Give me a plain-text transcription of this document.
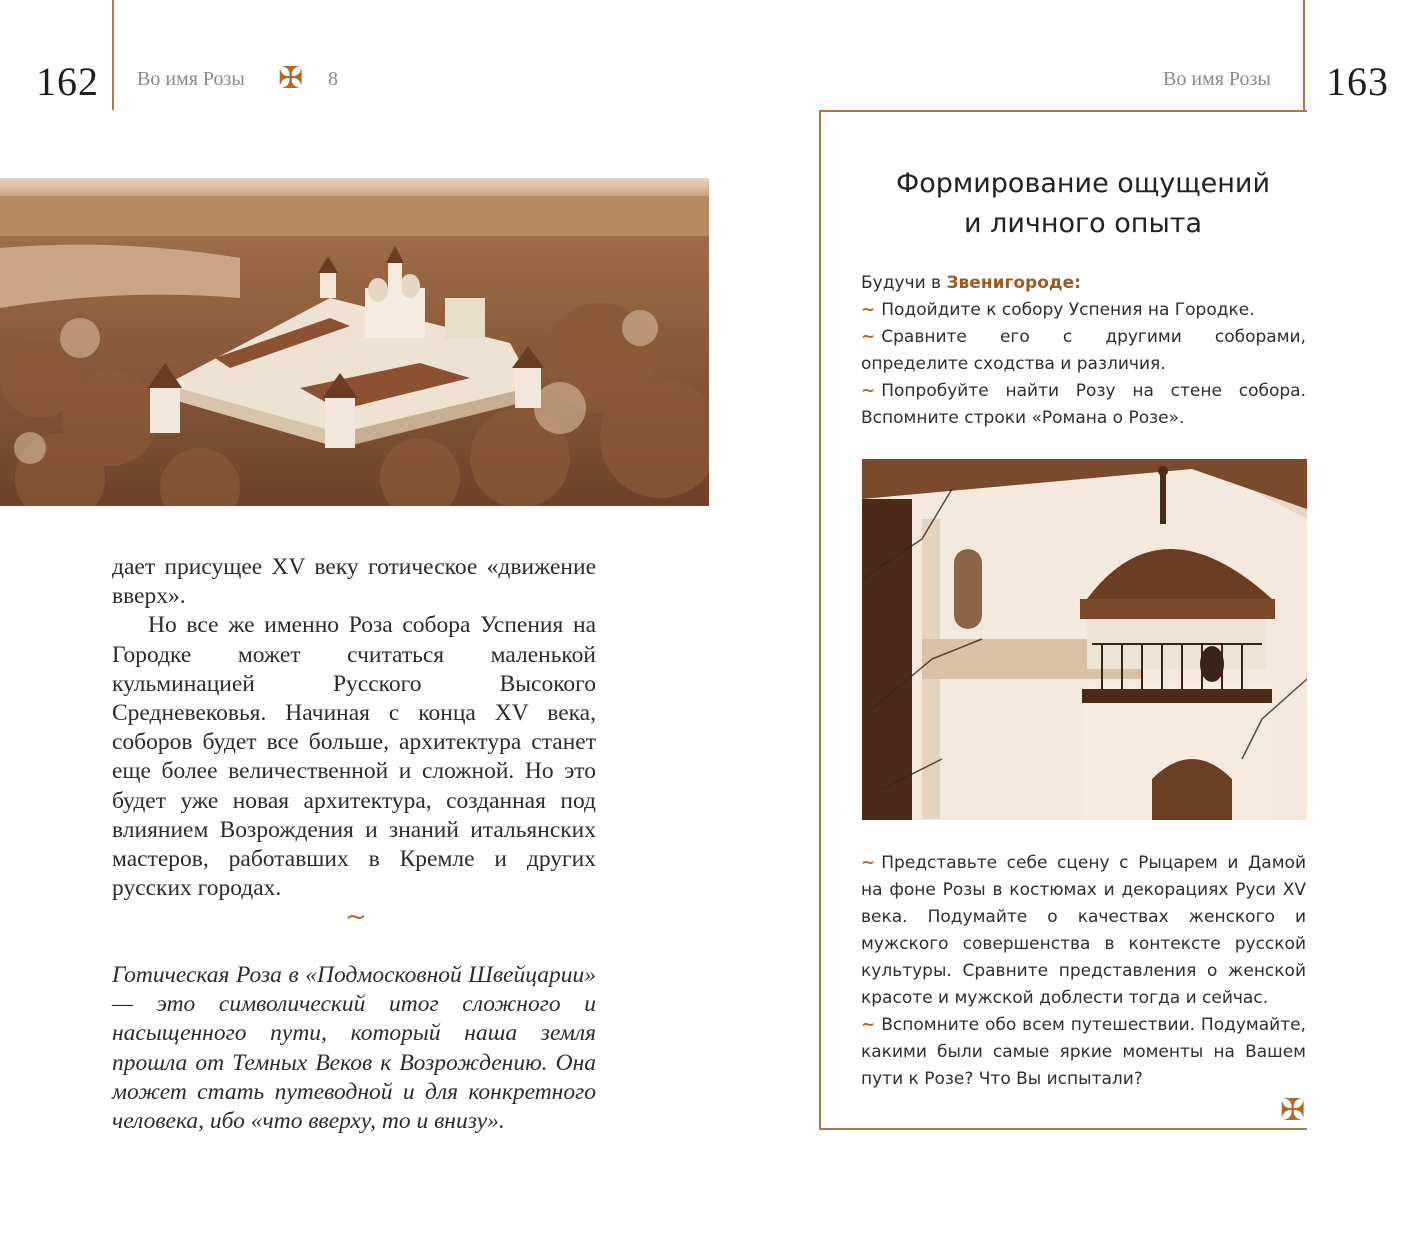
162 Во имя Розы ✠ 8

дает присущее XV веку готическое «движение вверх».

Но все же именно Роза собора Успения на Городке может считаться маленькой кульминацией Русского Высокого Средневековья. Начиная с конца XV века, соборов будет все больше, архитектура станет еще более величественной и сложной. Но это будет уже новая архитектура, созданная под влиянием Возрождения и знаний итальянских мастеров, работавших в Кремле и других русских городах.

~
Готическая Роза в «Подмосковной Швейцарии» — это символический итог сложного и насыщенного пути, который наша земля прошла от Темных Веков к Возрождению. Она может стать путеводной и для конкретного человека, ибо «что вверху, то и внизу».
Во имя Розы 163
Формирование ощущений
и личного опыта

Будучи в Звенигороде:

~ Подойдите к собору Успения на Городке.

~ Сравните его с другими соборами, определите сходства и различия.

~ Попробуйте найти Розу на стене собора. Вспомните строки «Романа о Розе».

~ Представьте себе сцену с Рыцарем и Дамой на фоне Розы в костюмах и декорациях Руси XV века. Подумайте о качествах женского и мужского совершенства в контексте русской культуры. Сравните представления о женской красоте и мужской доблести тогда и сейчас.

~ Вспомните обо всем путешествии. Подумайте, какими были самые яркие моменты на Вашем пути к Розе? Что Вы испытали?

✠
